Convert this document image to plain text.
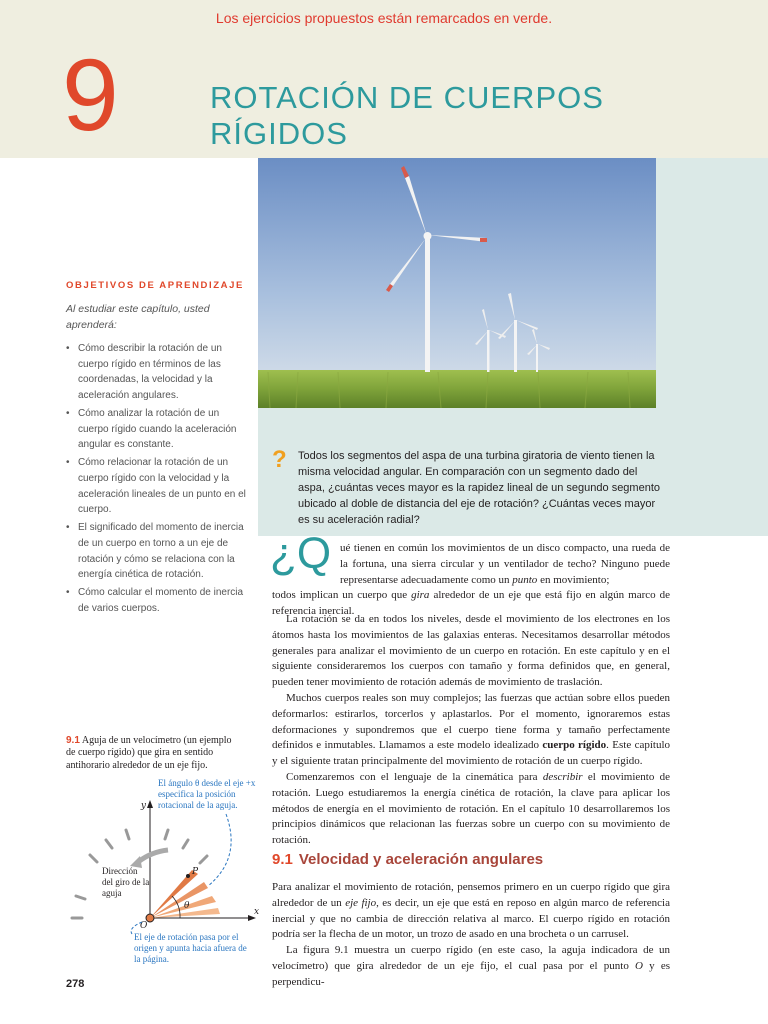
Los ejercicios propuestos están remarcados en verde.
9	ROTACIÓN DE CUERPOS
RÍGIDOS
? Todos los segmentos del aspa de una turbina giratoria de viento tienen la misma velocidad angular. En comparación con un segmento dado del aspa, ¿cuántas veces mayor es la rapidez lineal de un segundo segmento ubicado al doble de distancia del eje de rotación? ¿Cuántas veces mayor es su aceleración radial?
OBJETIVOS DE APRENDIZAJE
Al estudiar este capítulo, usted aprenderá:
• Cómo describir la rotación de un cuerpo rígido en términos de las coordenadas, la velocidad y la aceleración angulares.
• Cómo analizar la rotación de un cuerpo rígido cuando la aceleración angular es constante.
• Cómo relacionar la rotación de un cuerpo rígido con la velocidad y la aceleración lineales de un punto en el cuerpo.
• El significado del momento de inercia de un cuerpo en torno a un eje de rotación y cómo se relaciona con la energía cinética de rotación.
• Cómo calcular el momento de inercia de varios cuerpos.
9.1 Aguja de un velocímetro (un ejemplo de cuerpo rígido) que gira en sentido antihorario alrededor de un eje fijo.
y
x
O
P
θ
El ángulo θ desde el eje +x especifica la posición rotacional de la aguja.
Dirección del giro de la aguja
El eje de rotación pasa por el origen y apunta hacia afuera de la página.
278
¿Q ué tienen en común los movimientos de un disco compacto, una rueda de la fortuna, una sierra circular y un ventilador de techo? Ninguno puede representarse adecuadamente como un punto en movimiento;
todos implican un cuerpo que gira alrededor de un eje que está fijo en algún marco de referencia inercial.

La rotación se da en todos los niveles, desde el movimiento de los electrones en los átomos hasta los movimientos de las galaxias enteras. Necesitamos desarrollar métodos generales para analizar el movimiento de un cuerpo en rotación. En este capítulo y en el siguiente consideraremos los cuerpos con tamaño y forma definidos que, en general, pueden tener movimiento de rotación además de movimiento de traslación.

Muchos cuerpos reales son muy complejos; las fuerzas que actúan sobre ellos pueden deformarlos: estirarlos, torcerlos y aplastarlos. Por el momento, ignoraremos estas deformaciones y supondremos que el cuerpo tiene forma y tamaño perfectamente definidos e inmutables. Llamamos a este modelo idealizado cuerpo rígido. Este capítulo y el siguiente tratan principalmente del movimiento de rotación de un cuerpo rígido.

Comenzaremos con el lenguaje de la cinemática para describir el movimiento de rotación. Luego estudiaremos la energía cinética de rotación, la clave para aplicar los métodos de energía en el movimiento de rotación. En el capítulo 10 desarrollaremos los principios dinámicos que relacionan las fuerzas sobre un cuerpo con su movimiento de rotación.

9.1 Velocidad y aceleración angulares

Para analizar el movimiento de rotación, pensemos primero en un cuerpo rígido que gira alrededor de un eje fijo, es decir, un eje que está en reposo en algún marco de referencia inercial y que no cambia de dirección relativa al marco. El cuerpo rígido en rotación podría ser la flecha de un motor, un trozo de asado en una brocheta o un carrusel.

La figura 9.1 muestra un cuerpo rígido (en este caso, la aguja indicadora de un velocímetro) que gira alrededor de un eje fijo, el cual pasa por el punto O y es perpendicu-
